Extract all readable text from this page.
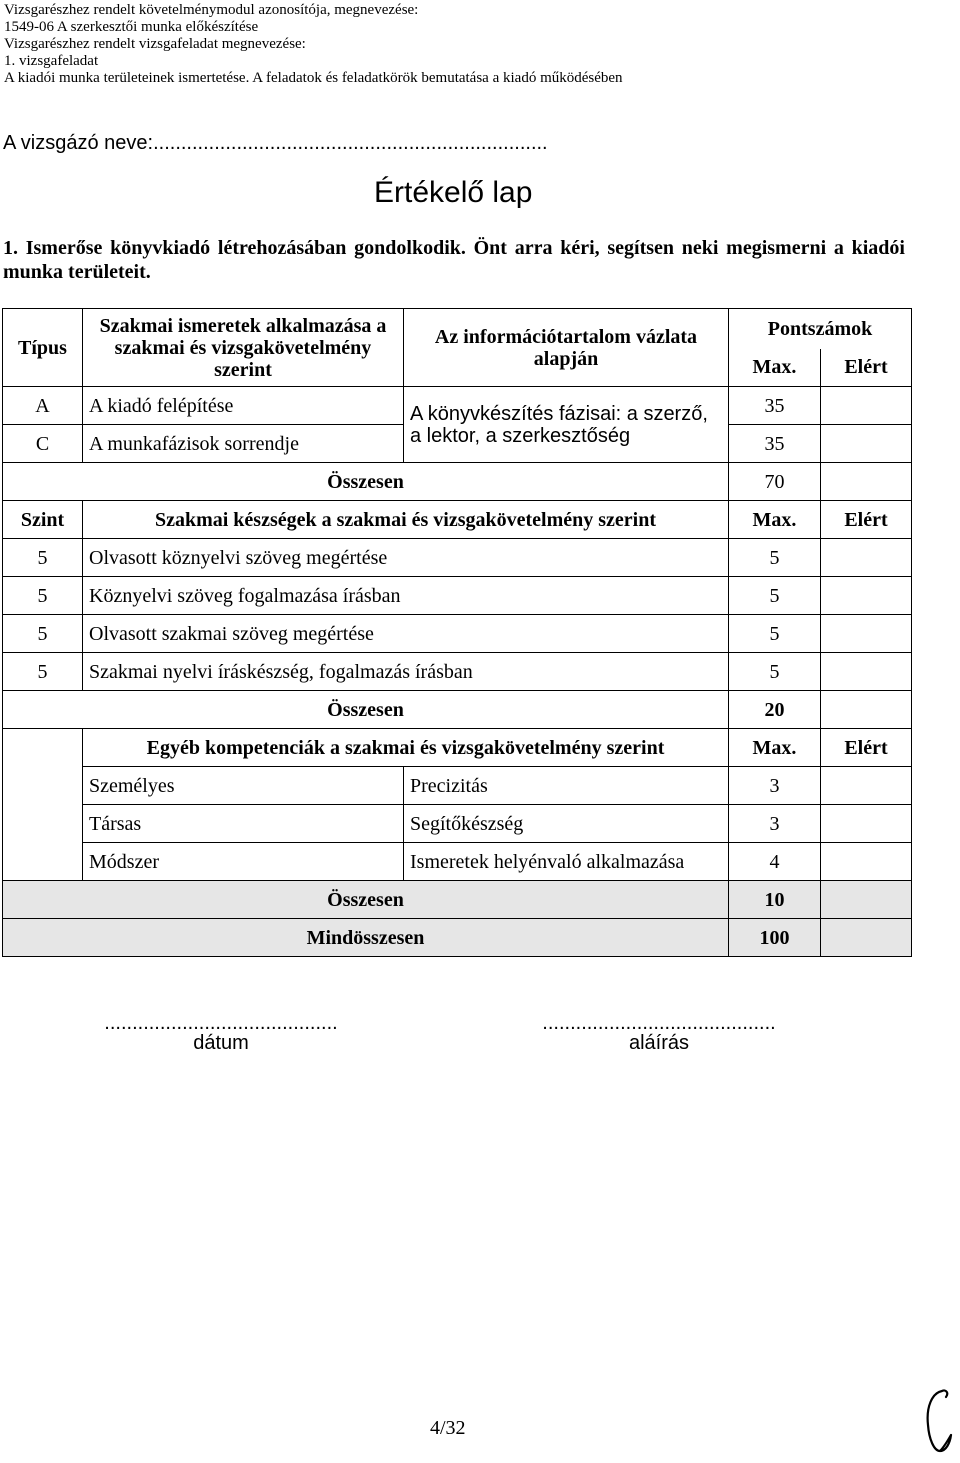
Vizsgarészhez rendelt követelménymodul azonosítója, megnevezése:
1549-06 A szerkesztői munka előkészítése
Vizsgarészhez rendelt vizsgafeladat megnevezése:
1. vizsgafeladat
A kiadói munka területeinek ismertetése. A feladatok és feladatkörök bemutatása a kiadó működésében
A vizsgázó neve:.......................................................................
Értékelő lap
1. Ismerőse könyvkiadó létrehozásában gondolkodik. Önt arra kéri, segítsen neki megismerni a kiadói munka területeit.
Típus	Szakmai ismeretek alkalmazása a szakmai és vizsgakövetelmény szerint	Az információtartalom vázlata alapján	Pontszámok	
			Max.	Elért
A	A kiadó felépítése	A könyvkészítés fázisai: a szerző, a lektor, a szerkesztőség	35	
C	A munkafázisok sorrendje		35	
Összesen			70	
Szint	Szakmai készségek a szakmai és vizsgakövetelmény szerint		Max.	Elért
5	Olvasott köznyelvi szöveg megértése		5	
5	Köznyelvi szöveg fogalmazása írásban		5	
5	Olvasott szakmai szöveg megértése		5	
5	Szakmai nyelvi íráskészség, fogalmazás írásban		5	
Összesen			20	
	Egyéb kompetenciák a szakmai és vizsgakövetelmény szerint		Max.	Elért
	Személyes	Precizitás	3	
	Társas	Segítőkészség	3	
	Módszer	Ismeretek helyénvaló alkalmazása	4	
Összesen			10	
Mindösszesen			100	
..........................................
dátum
..........................................
aláírás
4/32
